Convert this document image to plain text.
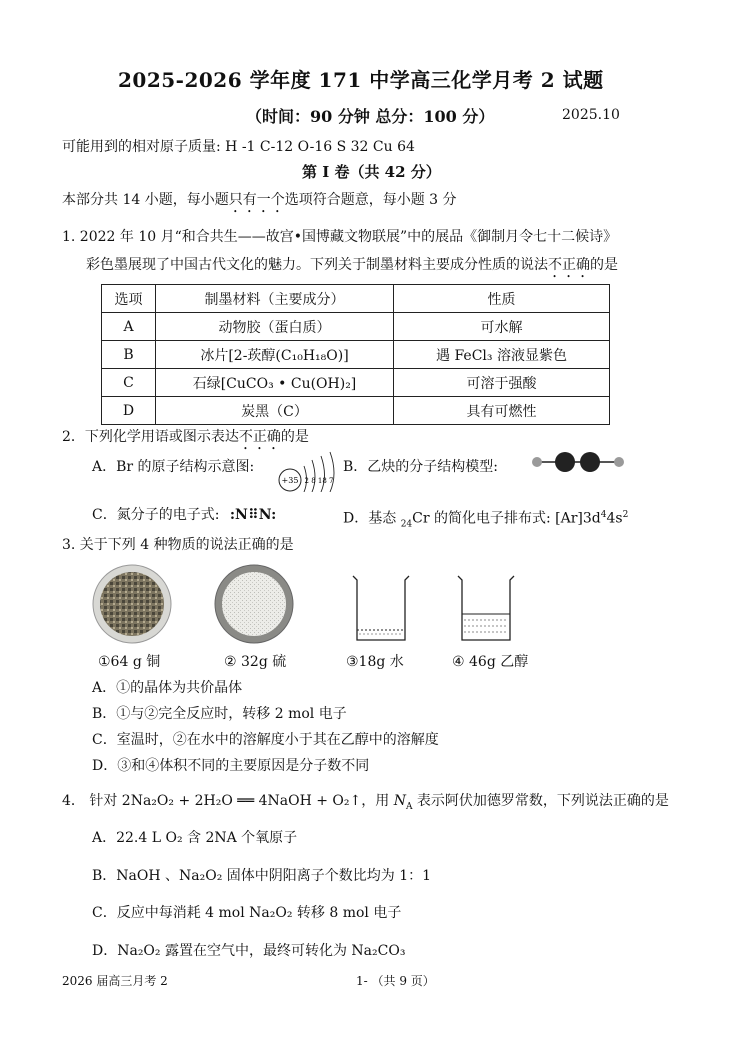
2025-2026 学年度 171 中学高三化学月考 2 试题
（时间：90 分钟 总分：100 分）	2025.10
可能用到的相对原子质量: H -1 C-12 O-16 S 32 Cu 64
第 I 卷（共 42 分）
本部分共 14 小题，每小题只有一个选项符合题意，每小题 3 分
1. 2022 年 10 月“和合共生——故宫•国博藏文物联展”中的展品《御制月令七十二候诗》
彩色墨展现了中国古代文化的魅力。下列关于制墨材料主要成分性质的说法不正确的是
选项	制墨材料（主要成分）	性质
A	动物胶（蛋白质）	可水解
B	冰片[2-莰醇(C₁₀H₁₈O)]	遇 FeCl₃ 溶液显紫色
C	石绿[CuCO₃ • Cu(OH)₂]	可溶于强酸
D	炭黑（C）	具有可燃性
2．下列化学用语或图示表达不正确的是
A．Br 的原子结构示意图:
+35 2 8 18 7
B．乙炔的分子结构模型:
C．氮分子的电子式: :N⠿N:	D．基态 $_{24}$Cr 的简化电子排布式: $[Ar]3d^44s^2$
3. 关于下列 4 种物质的说法正确的是
①64 g 铜	② 32g 硫	③18g 水	④ 46g 乙醇
A．①的晶体为共价晶体
B．①与②完全反应时，转移 2 mol 电子
C．室温时，②在水中的溶解度小于其在乙醇中的溶解度
D．③和④体积不同的主要原因是分子数不同
4． 针对 2Na₂O₂ + 2H₂O ══ 4NaOH + O₂↑，用 $N_A$ 表示阿伏加德罗常数，下列说法正确的是
A．22.4 L O₂ 含 2NA 个氧原子
B．NaOH 、Na₂O₂ 固体中阴阳离子个数比均为 1：1
C．反应中每消耗 4 mol Na₂O₂ 转移 8 mol 电子
D．Na₂O₂ 露置在空气中，最终可转化为 Na₂CO₃
2026 届高三月考 2	1- （共 9 页）
